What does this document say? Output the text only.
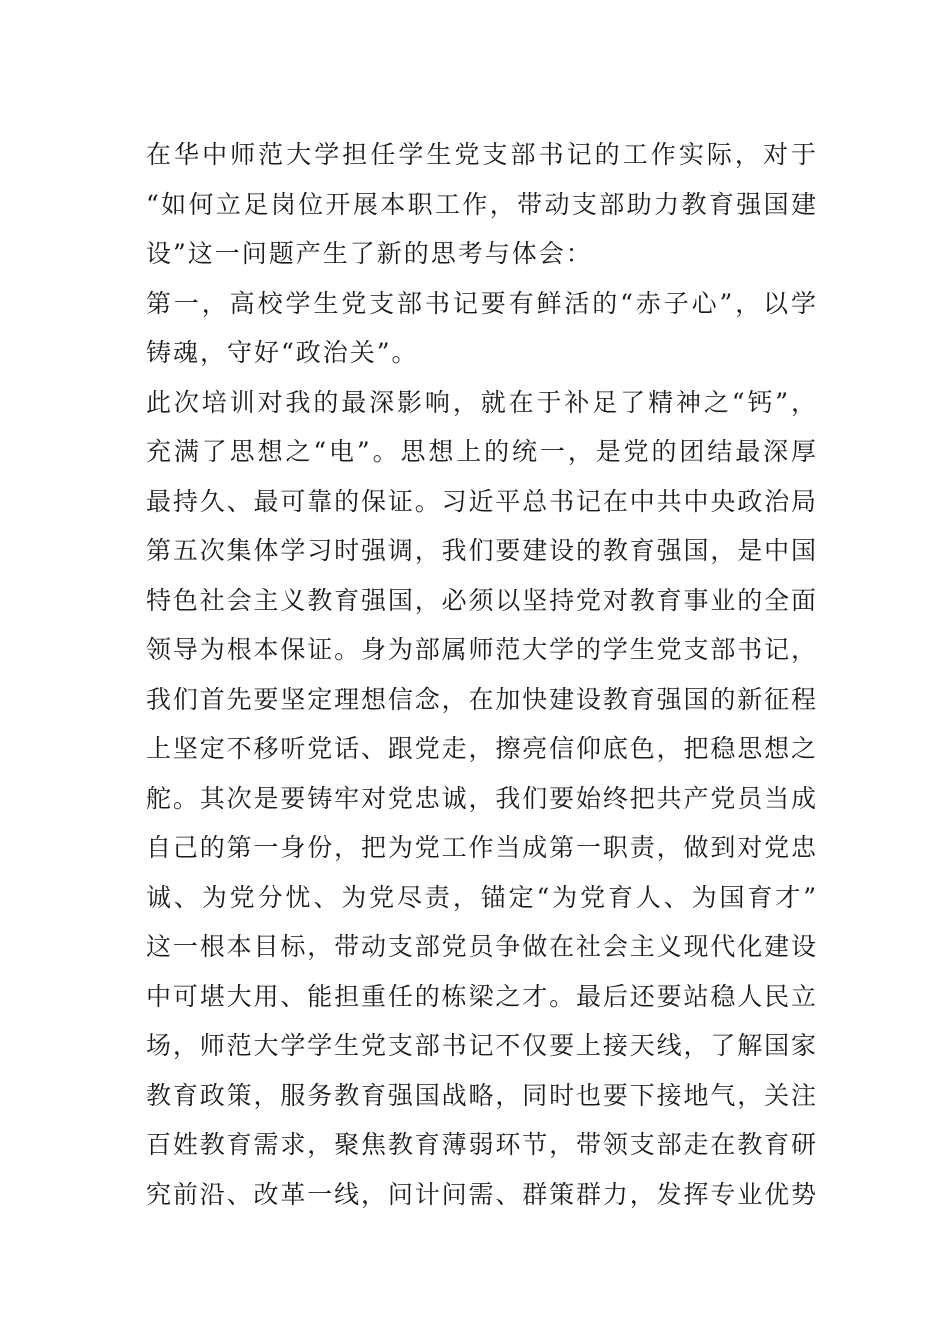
在华中师范大学担任学生党支部书记的工作实际，对于
“如何立足岗位开展本职工作，带动支部助力教育强国建
设”这一问题产生了新的思考与体会：
第一，高校学生党支部书记要有鲜活的“赤子心”，以学
铸魂，守好“政治关”。
此次培训对我的最深影响，就在于补足了精神之“钙”，
充满了思想之“电”。思想上的统一，是党的团结最深厚
最持久、最可靠的保证。习近平总书记在中共中央政治局
第五次集体学习时强调，我们要建设的教育强国，是中国
特色社会主义教育强国，必须以坚持党对教育事业的全面
领导为根本保证。身为部属师范大学的学生党支部书记，
我们首先要坚定理想信念，在加快建设教育强国的新征程
上坚定不移听党话、跟党走，擦亮信仰底色，把稳思想之
舵。其次是要铸牢对党忠诚，我们要始终把共产党员当成
自己的第一身份，把为党工作当成第一职责，做到对党忠
诚、为党分忧、为党尽责，锚定“为党育人、为国育才”
这一根本目标，带动支部党员争做在社会主义现代化建设
中可堪大用、能担重任的栋梁之才。最后还要站稳人民立
场，师范大学学生党支部书记不仅要上接天线，了解国家
教育政策，服务教育强国战略，同时也要下接地气，关注
百姓教育需求，聚焦教育薄弱环节，带领支部走在教育研
究前沿、改革一线，问计问需、群策群力，发挥专业优势
